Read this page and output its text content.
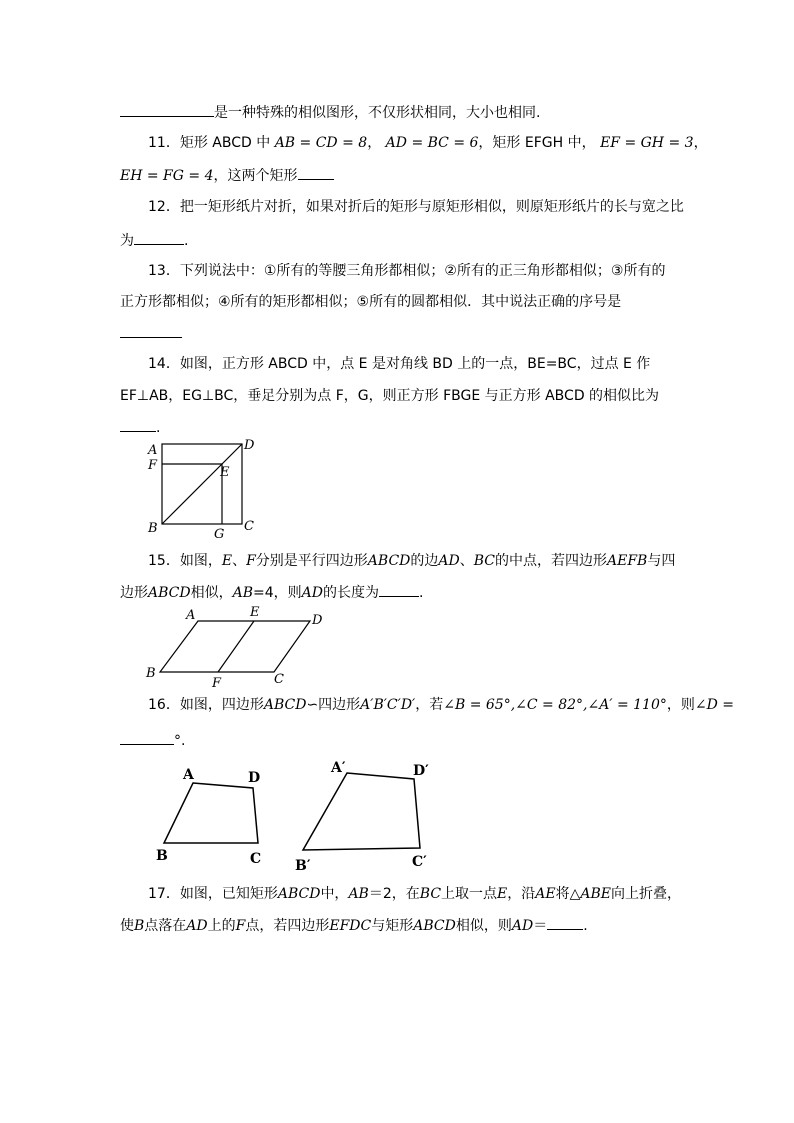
是一种特殊的相似图形，不仅形状相同，大小也相同.
11．矩形 ABCD 中 AB = CD = 8， AD = BC = 6，矩形 EFGH 中， EF = GH = 3，
EH = FG = 4，这两个矩形
12．把一矩形纸片对折，如果对折后的矩形与原矩形相似，则原矩形纸片的长与宽之比
为	.
13．下列说法中：①所有的等腰三角形都相似；②所有的正三角形都相似；③所有的
正方形都相似；④所有的矩形都相似；⑤所有的圆都相似．其中说法正确的序号是
14．如图，正方形 ABCD 中，点 E 是对角线 BD 上的一点，BE=BC，过点 E 作
EF⊥AB，EG⊥BC，垂足分别为点 F，G，则正方形 FBGE 与正方形 ABCD 的相似比为
.
A	D
F	E
B	G
C
15．如图，E、F分别是平行四边形ABCD的边AD、BC的中点，若四边形AEFB与四
边形ABCD相似，AB=4，则AD的长度为	.
A	E
D
B
F	C
16．如图，四边形ABCD∽四边形A′B′C′D′，若∠B = 65°,∠C = 82°,∠A′ = 110°，则∠D =
°.
A	D
B	C
A′	D′
B′	C′
17．如图，已知矩形ABCD中，AB＝2，在BC上取一点E，沿AE将△ABE向上折叠，
使B点落在AD上的F点，若四边形EFDC与矩形ABCD相似，则AD＝	.
